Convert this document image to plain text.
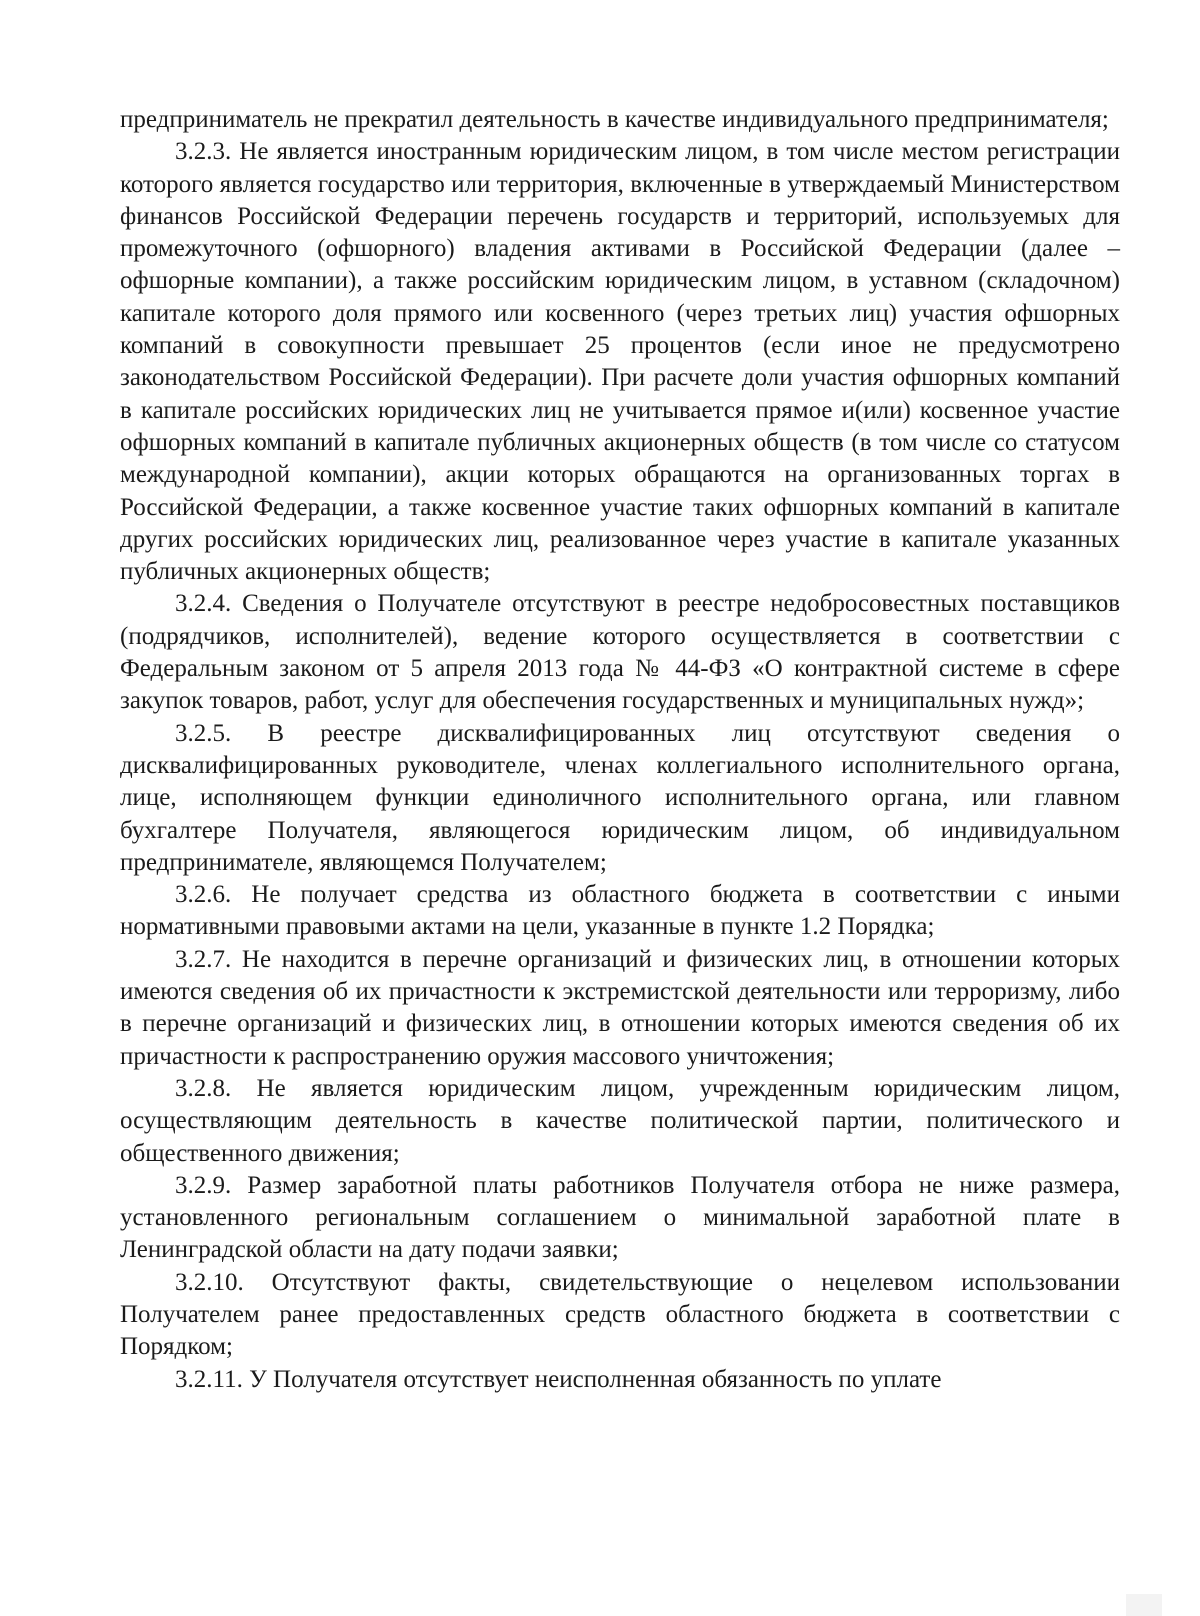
предприниматель не прекратил деятельность в качестве индивидуального предпринимателя;

3.2.3. Не является иностранным юридическим лицом, в том числе местом регистрации которого является государство или территория, включенные в утверждаемый Министерством финансов Российской Федерации перечень государств и территорий, используемых для промежуточного (офшорного) владения активами в Российской Федерации (далее – офшорные компании), а также российским юридическим лицом, в уставном (складочном) капитале которого доля прямого или косвенного (через третьих лиц) участия офшорных компаний в совокупности превышает 25 процентов (если иное не предусмотрено законодательством Российской Федерации). При расчете доли участия офшорных компаний в капитале российских юридических лиц не учитывается прямое и(или) косвенное участие офшорных компаний в капитале публичных акционерных обществ (в том числе со статусом международной компании), акции которых обращаются на организованных торгах в Российской Федерации, а также косвенное участие таких офшорных компаний в капитале других российских юридических лиц, реализованное через участие в капитале указанных публичных акционерных обществ;

3.2.4. Сведения о Получателе отсутствуют в реестре недобросовестных поставщиков (подрядчиков, исполнителей), ведение которого осуществляется в соответствии с Федеральным законом от 5 апреля 2013 года № 44-ФЗ «О контрактной системе в сфере закупок товаров, работ, услуг для обеспечения государственных и муниципальных нужд»;

3.2.5. В реестре дисквалифицированных лиц отсутствуют сведения о дисквалифицированных руководителе, членах коллегиального исполнительного органа, лице, исполняющем функции единоличного исполнительного органа, или главном бухгалтере Получателя, являющегося юридическим лицом, об индивидуальном предпринимателе, являющемся Получателем;

3.2.6. Не получает средства из областного бюджета в соответствии с иными нормативными правовыми актами на цели, указанные в пункте 1.2 Порядка;

3.2.7. Не находится в перечне организаций и физических лиц, в отношении которых имеются сведения об их причастности к экстремистской деятельности или терроризму, либо в перечне организаций и физических лиц, в отношении которых имеются сведения об их причастности к распространению оружия массового уничтожения;

3.2.8. Не является юридическим лицом, учрежденным юридическим лицом, осуществляющим деятельность в качестве политической партии, политического и общественного движения;

3.2.9. Размер заработной платы работников Получателя отбора не ниже размера, установленного региональным соглашением о минимальной заработной плате в Ленинградской области на дату подачи заявки;

3.2.10. Отсутствуют факты, свидетельствующие о нецелевом использовании Получателем ранее предоставленных средств областного бюджета в соответствии с Порядком;

3.2.11. У Получателя отсутствует неисполненная обязанность по уплате
